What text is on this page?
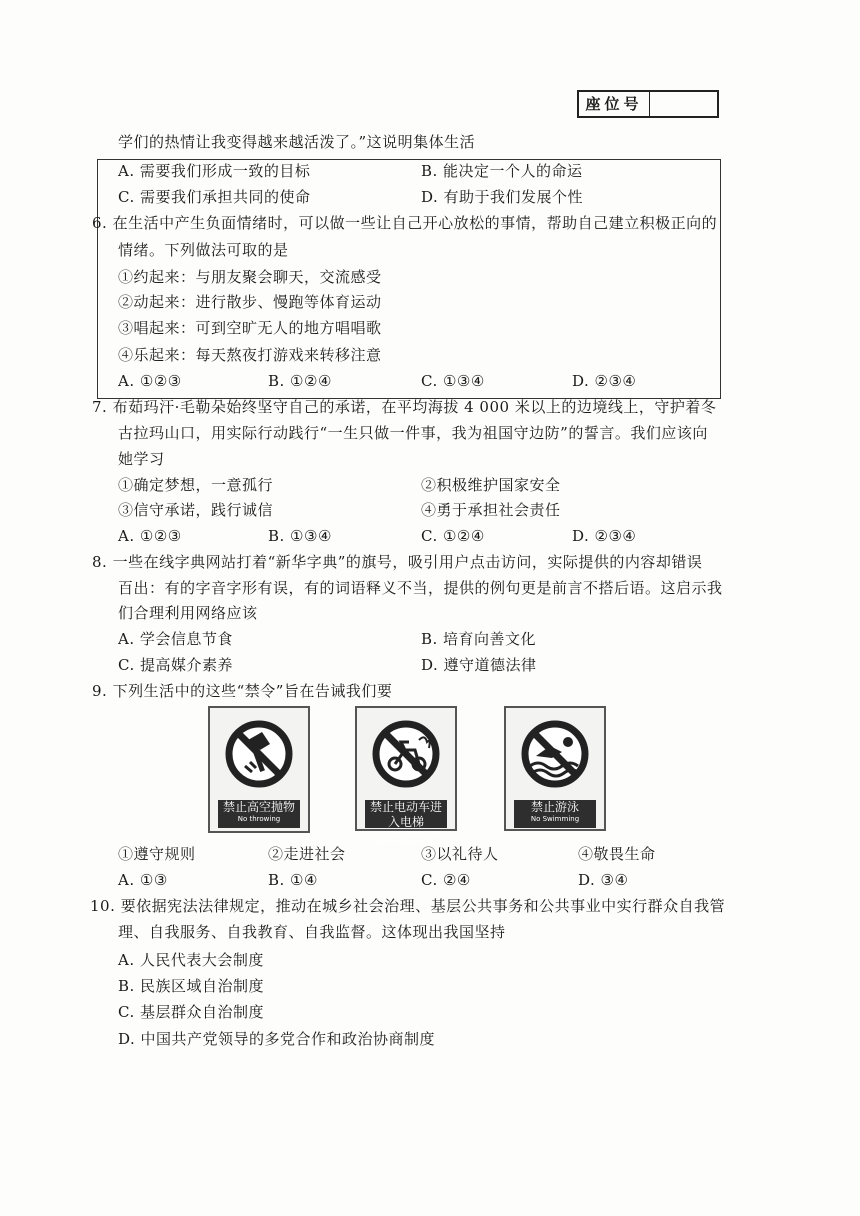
座位号
学们的热情让我变得越来越活泼了。”这说明集体生活
A. 需要我们形成一致的目标	B. 能决定一个人的命运
C. 需要我们承担共同的使命	D. 有助于我们发展个性
6. 在生活中产生负面情绪时，可以做一些让自己开心放松的事情，帮助自己建立积极正向的
情绪。下列做法可取的是
①约起来：与朋友聚会聊天，交流感受
②动起来：进行散步、慢跑等体育运动
③唱起来：可到空旷无人的地方唱唱歌
④乐起来：每天熬夜打游戏来转移注意
A. ①②③	B. ①②④	C. ①③④	D. ②③④
7. 布茹玛汗·毛勒朵始终坚守自己的承诺，在平均海拔 4 000 米以上的边境线上，守护着冬
古拉玛山口，用实际行动践行“一生只做一件事，我为祖国守边防”的誓言。我们应该向
她学习
①确定梦想，一意孤行	②积极维护国家安全
③信守承诺，践行诚信	④勇于承担社会责任
A. ①②③	B. ①③④	C. ①②④	D. ②③④
8. 一些在线字典网站打着“新华字典”的旗号，吸引用户点击访问，实际提供的内容却错误
百出：有的字音字形有误，有的词语释义不当，提供的例句更是前言不搭后语。这启示我
们合理利用网络应该
A. 学会信息节食	B. 培育向善文化
C. 提高媒介素养	D. 遵守道德法律
9. 下列生活中的这些“禁令”旨在告诫我们要
禁止高空抛物
No throwing
禁止电动车进入电梯
ELECTRIC VEHICLES NOT PERMITTED
禁止游泳
No Swimming
①遵守规则	②走进社会	③以礼待人	④敬畏生命
A. ①③	B. ①④	C. ②④	D. ③④
10. 要依据宪法法律规定，推动在城乡社会治理、基层公共事务和公共事业中实行群众自我管
理、自我服务、自我教育、自我监督。这体现出我国坚持
A. 人民代表大会制度
B. 民族区域自治制度
C. 基层群众自治制度
D. 中国共产党领导的多党合作和政治协商制度
